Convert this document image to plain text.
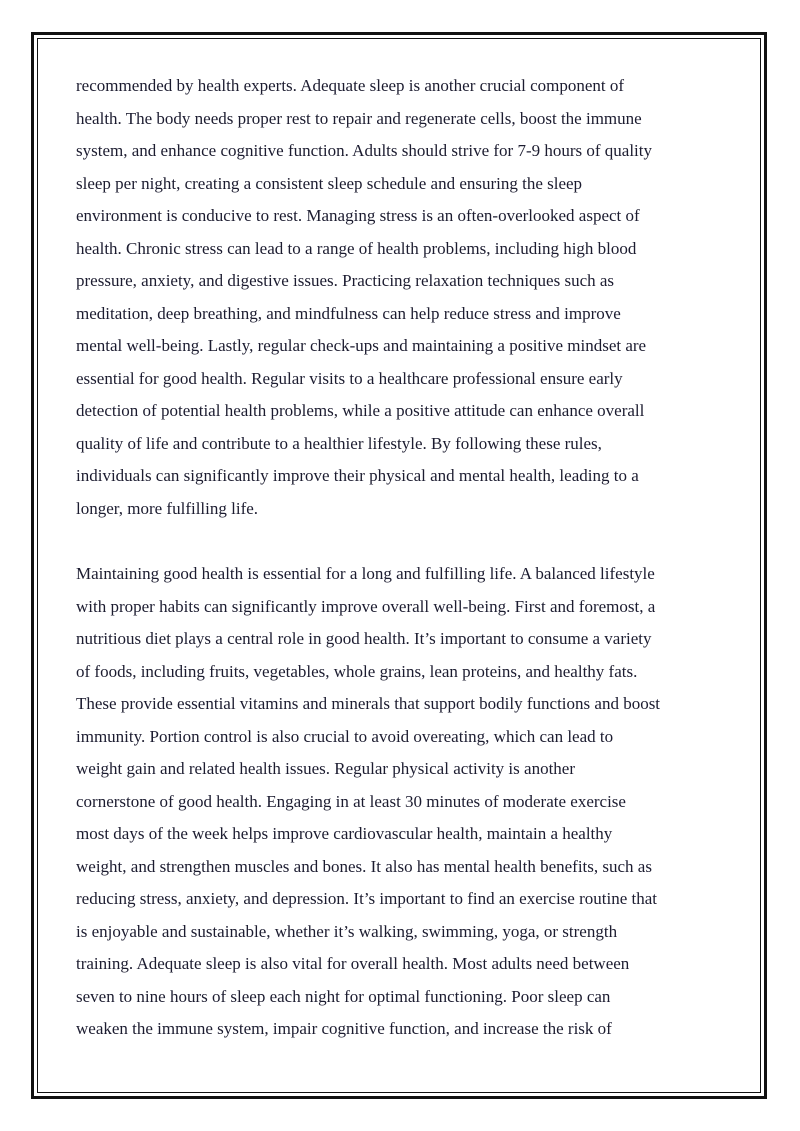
recommended by health experts. Adequate sleep is another crucial component of
health. The body needs proper rest to repair and regenerate cells, boost the immune
system, and enhance cognitive function. Adults should strive for 7-9 hours of quality
sleep per night, creating a consistent sleep schedule and ensuring the sleep
environment is conducive to rest. Managing stress is an often-overlooked aspect of
health. Chronic stress can lead to a range of health problems, including high blood
pressure, anxiety, and digestive issues. Practicing relaxation techniques such as
meditation, deep breathing, and mindfulness can help reduce stress and improve
mental well-being. Lastly, regular check-ups and maintaining a positive mindset are
essential for good health. Regular visits to a healthcare professional ensure early
detection of potential health problems, while a positive attitude can enhance overall
quality of life and contribute to a healthier lifestyle. By following these rules,
individuals can significantly improve their physical and mental health, leading to a
longer, more fulfilling life.
Maintaining good health is essential for a long and fulfilling life. A balanced lifestyle
with proper habits can significantly improve overall well-being. First and foremost, a
nutritious diet plays a central role in good health. It’s important to consume a variety
of foods, including fruits, vegetables, whole grains, lean proteins, and healthy fats.
These provide essential vitamins and minerals that support bodily functions and boost
immunity. Portion control is also crucial to avoid overeating, which can lead to
weight gain and related health issues. Regular physical activity is another
cornerstone of good health. Engaging in at least 30 minutes of moderate exercise
most days of the week helps improve cardiovascular health, maintain a healthy
weight, and strengthen muscles and bones. It also has mental health benefits, such as
reducing stress, anxiety, and depression. It’s important to find an exercise routine that
is enjoyable and sustainable, whether it’s walking, swimming, yoga, or strength
training. Adequate sleep is also vital for overall health. Most adults need between
seven to nine hours of sleep each night for optimal functioning. Poor sleep can
weaken the immune system, impair cognitive function, and increase the risk of
